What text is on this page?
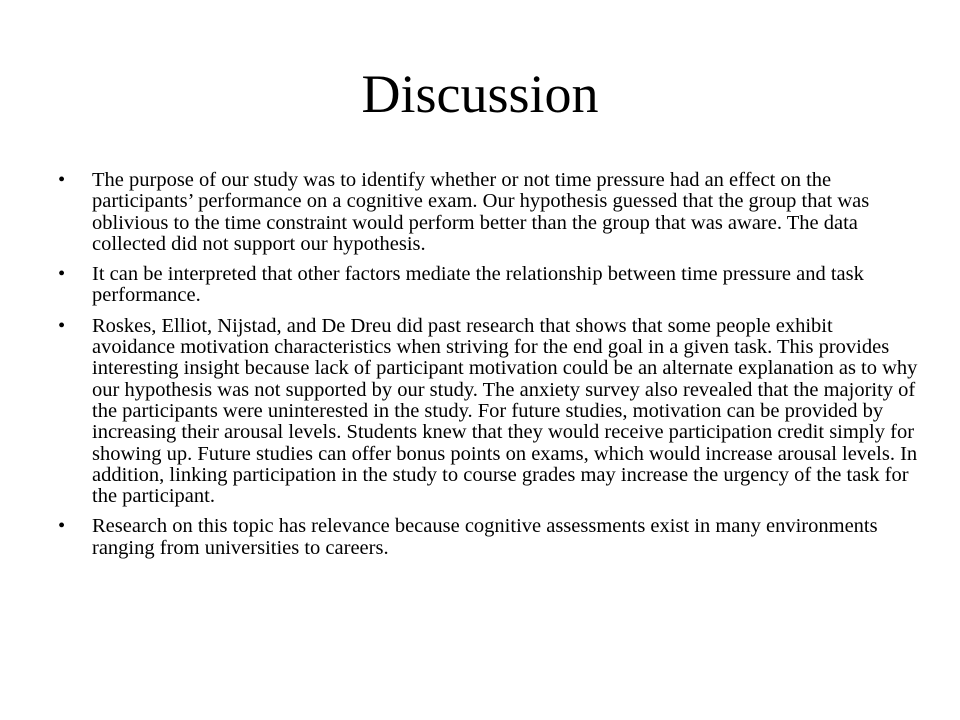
Discussion
•	The purpose of our study was to identify whether or not time pressure had an effect on the participants’ performance on a cognitive exam. Our hypothesis guessed that the group that was oblivious to the time constraint would perform better than the group that was aware. The data collected did not support our hypothesis.
•	It can be interpreted that other factors mediate the relationship between time pressure and task performance.
•	Roskes, Elliot, Nijstad, and De Dreu did past research that shows that some people exhibit avoidance motivation characteristics when striving for the end goal in a given task. This provides interesting insight because lack of participant motivation could be an alternate explanation as to why our hypothesis was not supported by our study. The anxiety survey also revealed that the majority of the participants were uninterested in the study. For future studies, motivation can be provided by increasing their arousal levels. Students knew that they would receive participation credit simply for showing up. Future studies can offer bonus points on exams, which would increase arousal levels. In addition, linking participation in the study to course grades may increase the urgency of the task for the participant.
•	Research on this topic has relevance because cognitive assessments exist in many environments ranging from universities to careers.
